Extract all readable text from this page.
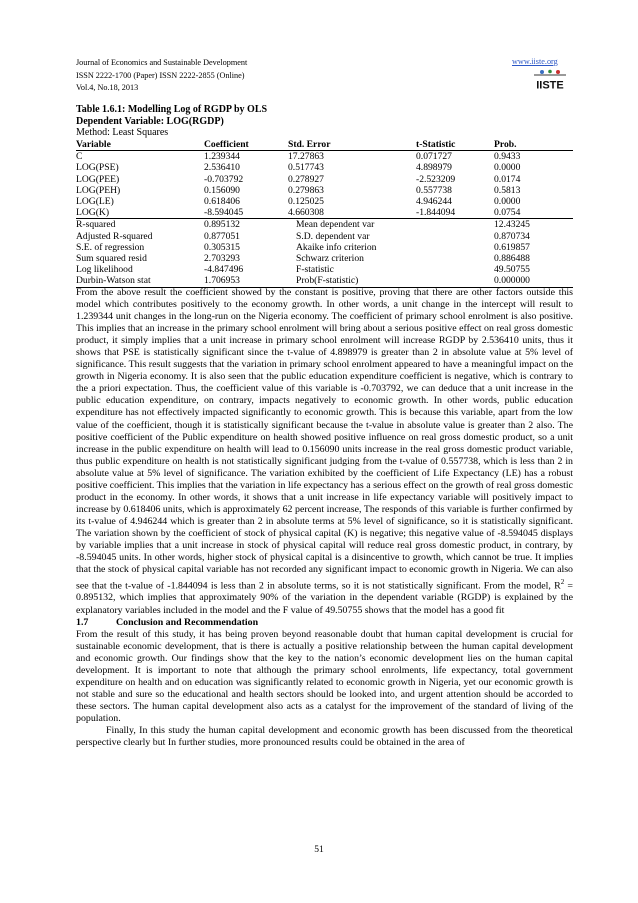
Journal of Economics and Sustainable Development
ISSN 2222-1700 (Paper) ISSN 2222-2855 (Online)
Vol.4, No.18, 2013
www.iiste.org
IISTE
Table 1.6.1: Modelling Log of RGDP by OLS
Dependent Variable: LOG(RGDP)
Method: Least Squares
Variable	Coefficient	Std. Error	t-Statistic	Prob.
C	1.239344	17.27863	0.071727	0.9433
LOG(PSE)	2.536410	0.517743	4.898979	0.0000
LOG(PEE)	-0.703792	0.278927	-2.523209	0.0174
LOG(PEH)	0.156090	0.279863	0.557738	0.5813
LOG(LE)	0.618406	0.125025	4.946244	0.0000
LOG(K)	-8.594045	4.660308	-1.844094	0.0754
R-squared	0.895132	Mean dependent var		12.43245
Adjusted R-squared	0.877051	S.D. dependent var		0.870734
S.E. of regression	0.305315	Akaike info criterion		0.619857
Sum squared resid	2.703293	Schwarz criterion		0.886488
Log likelihood	-4.847496	F-statistic		49.50755
Durbin-Watson stat	1.706953	Prob(F-statistic)		0.000000

From the above result the coefficient showed by the constant is positive, proving that there are other factors outside this model which contributes positively to the economy growth. In other words, a unit change in the intercept will result to 1.239344 unit changes in the long-run on the Nigeria economy. The coefficient of primary school enrolment is also positive. This implies that an increase in the primary school enrolment will bring about a serious positive effect on real gross domestic product, it simply implies that a unit increase in primary school enrolment will increase RGDP by 2.536410 units, thus it shows that PSE is statistically significant since the t-value of 4.898979 is greater than 2 in absolute value at 5% level of significance. This result suggests that the variation in primary school enrolment appeared to have a meaningful impact on the growth in Nigeria economy. It is also seen that the public education expenditure coefficient is negative, which is contrary to the a priori expectation. Thus, the coefficient value of this variable is -0.703792, we can deduce that a unit increase in the public education expenditure, on contrary, impacts negatively to economic growth. In other words, public education expenditure has not effectively impacted significantly to economic growth. This is because this variable, apart from the low value of the coefficient, though it is statistically significant because the t-value in absolute value is greater than 2 also. The positive coefficient of the Public expenditure on health showed positive influence on real gross domestic product, so a unit increase in the public expenditure on health will lead to 0.156090 units increase in the real gross domestic product variable, thus public expenditure on health is not statistically significant judging from the t-value of 0.557738, which is less than 2 in absolute value at 5% level of significance. The variation exhibited by the coefficient of Life Expectancy (LE) has a robust positive coefficient. This implies that the variation in life expectancy has a serious effect on the growth of real gross domestic product in the economy. In other words, it shows that a unit increase in life expectancy variable will positively impact to increase by 0.618406 units, which is approximately 62 percent increase, The responds of this variable is further confirmed by its t-value of 4.946244 which is greater than 2 in absolute terms at 5% level of significance, so it is statistically significant. The variation shown by the coefficient of stock of physical capital (K) is negative; this negative value of -8.594045 displays by variable implies that a unit increase in stock of physical capital will reduce real gross domestic product, in contrary, by -8.594045 units. In other words, higher stock of physical capital is a disincentive to growth, which cannot be true. It implies that the stock of physical capital variable has not recorded any significant impact to economic growth in Nigeria. We can also see that the t-value of -1.844094 is less than 2 in absolute terms, so it is not statistically significant. From the model, $R^2 = 0.895132$, which implies that approximately 90% of the variation in the dependent variable (RGDP) is explained by the explanatory variables included in the model and the F value of 49.50755 shows that the model has a good fit

1.7	Conclusion and Recommendation

From the result of this study, it has being proven beyond reasonable doubt that human capital development is crucial for sustainable economic development, that is there is actually a positive relationship between the human capital development and economic growth. Our findings show that the key to the nation’s economic development lies on the human capital development. It is important to note that although the primary school enrolments, life expectancy, total government expenditure on health and on education was significantly related to economic growth in Nigeria, yet our economic growth is not stable and sure so the educational and health sectors should be looked into, and urgent attention should be accorded to these sectors. The human capital development also acts as a catalyst for the improvement of the standard of living of the population.

Finally, In this study the human capital development and economic growth has been discussed from the theoretical perspective clearly but In further studies, more pronounced results could be obtained in the area of

51
